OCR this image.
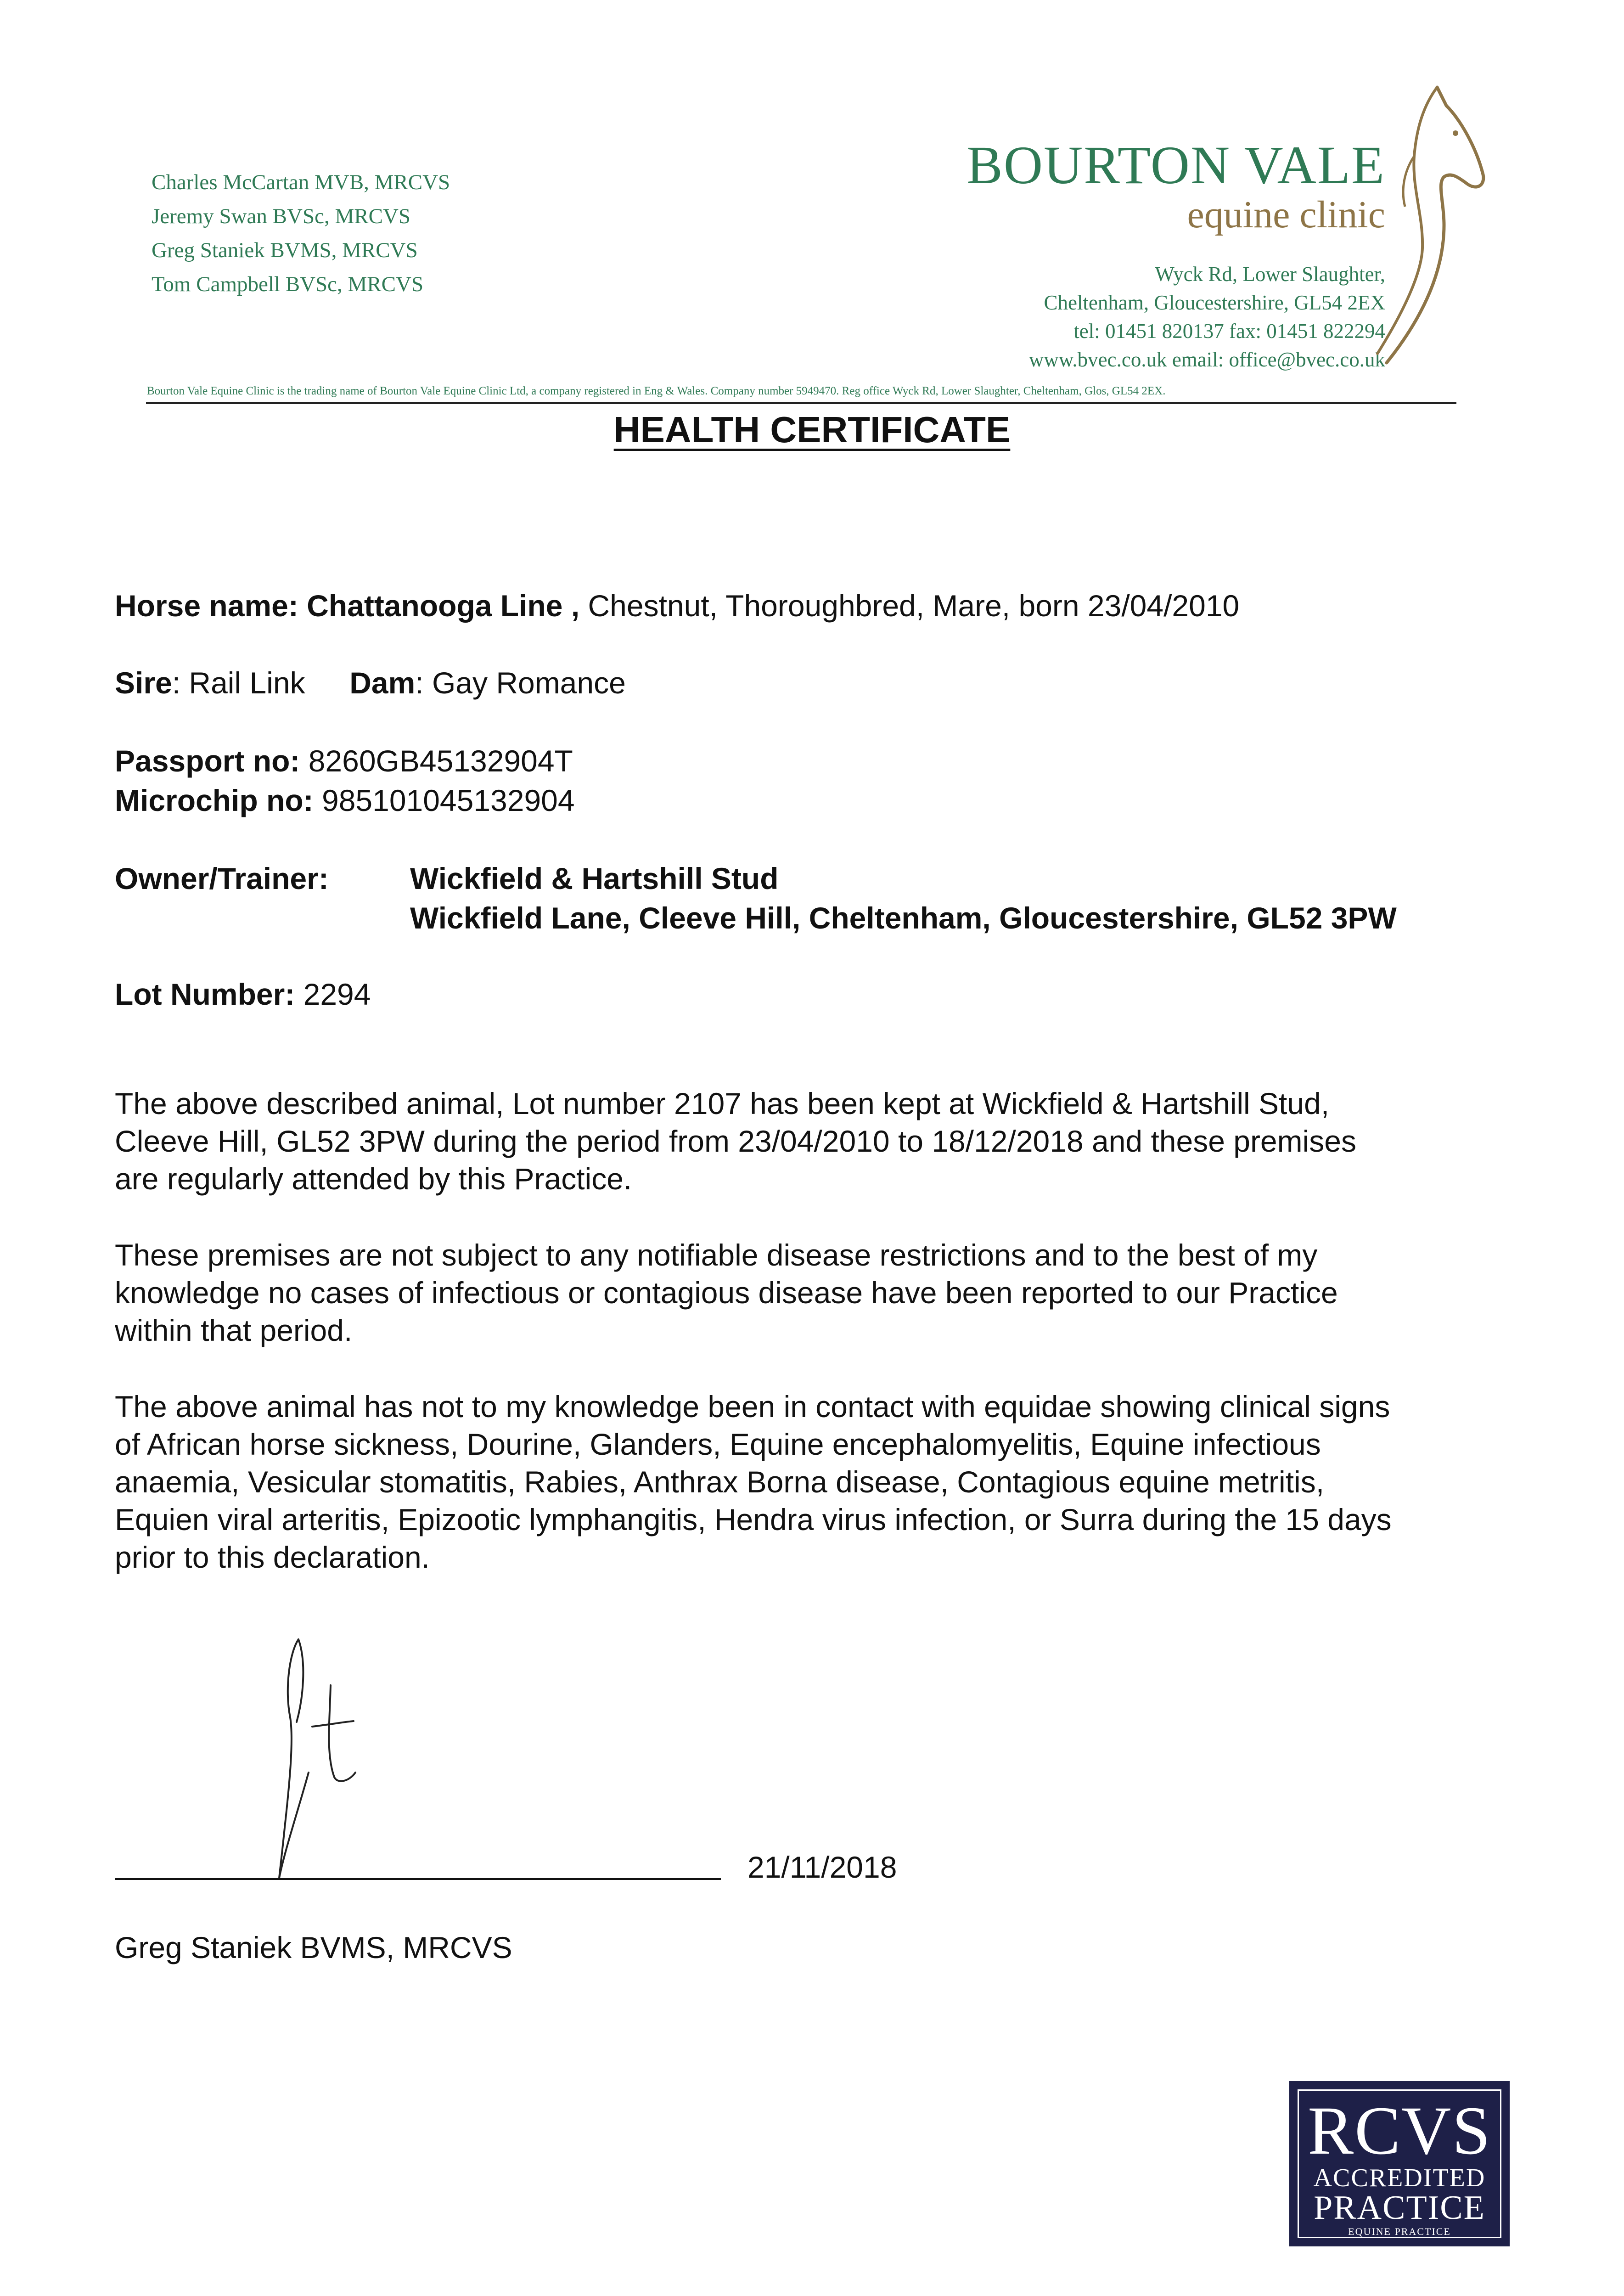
Charles McCartan MVB, MRCVS
Jeremy Swan BVSc, MRCVS
Greg Staniek BVMS, MRCVS
Tom Campbell BVSc, MRCVS
BOURTON VALE
equine clinic
Wyck Rd, Lower Slaughter,
Cheltenham, Gloucestershire, GL54 2EX
tel: 01451 820137 fax: 01451 822294
www.bvec.co.uk email: office@bvec.co.uk
Bourton Vale Equine Clinic is the trading name of Bourton Vale Equine Clinic Ltd, a company registered in Eng & Wales. Company number 5949470. Reg office Wyck Rd, Lower Slaughter, Cheltenham, Glos, GL54 2EX.
HEALTH CERTIFICATE
Horse name: Chattanooga Line , Chestnut, Thoroughbred, Mare, born 23/04/2010
Sire: Rail Link Dam: Gay Romance
Passport no: 8260GB45132904T
Microchip no: 985101045132904
Owner/Trainer:	Wickfield & Hartshill Stud
Wickfield Lane, Cleeve Hill, Cheltenham, Gloucestershire, GL52 3PW
Lot Number: 2294
The above described animal, Lot number 2107 has been kept at Wickfield & Hartshill Stud,
Cleeve Hill, GL52 3PW during the period from 23/04/2010 to 18/12/2018 and these premises
are regularly attended by this Practice.
These premises are not subject to any notifiable disease restrictions and to the best of my
knowledge no cases of infectious or contagious disease have been reported to our Practice
within that period.
The above animal has not to my knowledge been in contact with equidae showing clinical signs
of African horse sickness, Dourine, Glanders, Equine encephalomyelitis, Equine infectious
anaemia, Vesicular stomatitis, Rabies, Anthrax Borna disease, Contagious equine metritis,
Equien viral arteritis, Epizootic lymphangitis, Hendra virus infection, or Surra during the 15 days
prior to this declaration.
21/11/2018
Greg Staniek BVMS, MRCVS
RCVS
ACCREDITED
PRACTICE
EQUINE PRACTICE
